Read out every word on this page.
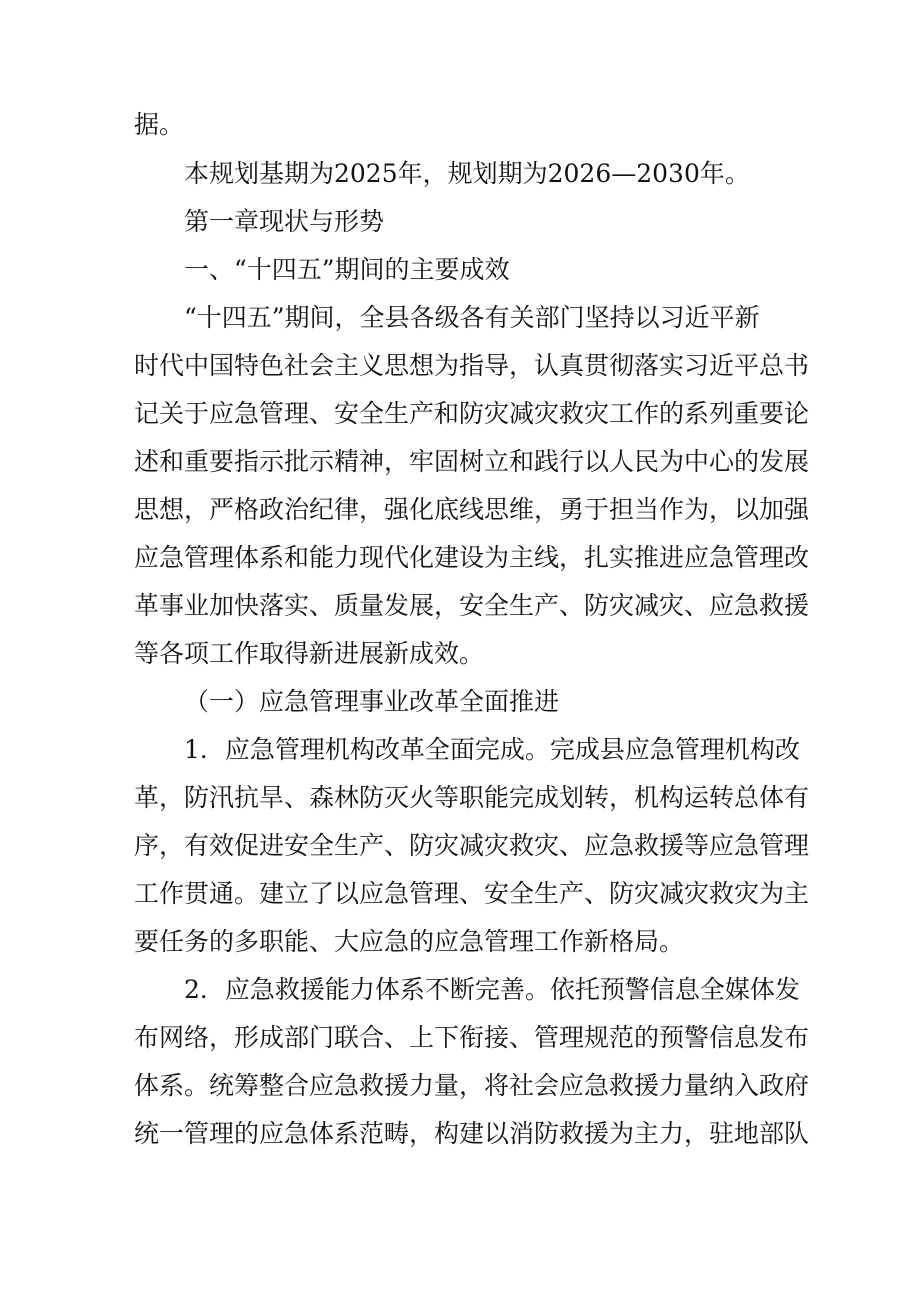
据。
本规划基期为2025年，规划期为2026—2030年。
第一章现状与形势
一、“十四五”期间的主要成效
“十四五”期间，全县各级各有关部门坚持以习近平新
时代中国特色社会主义思想为指导，认真贯彻落实习近平总书
记关于应急管理、安全生产和防灾减灾救灾工作的系列重要论
述和重要指示批示精神，牢固树立和践行以人民为中心的发展
思想，严格政治纪律，强化底线思维，勇于担当作为，以加强
应急管理体系和能力现代化建设为主线，扎实推进应急管理改
革事业加快落实、质量发展，安全生产、防灾减灾、应急救援
等各项工作取得新进展新成效。
（一）应急管理事业改革全面推进
1．应急管理机构改革全面完成。完成县应急管理机构改
革，防汛抗旱、森林防灭火等职能完成划转，机构运转总体有
序，有效促进安全生产、防灾减灾救灾、应急救援等应急管理
工作贯通。建立了以应急管理、安全生产、防灾减灾救灾为主
要任务的多职能、大应急的应急管理工作新格局。
2．应急救援能力体系不断完善。依托预警信息全媒体发
布网络，形成部门联合、上下衔接、管理规范的预警信息发布
体系。统筹整合应急救援力量，将社会应急救援力量纳入政府
统一管理的应急体系范畴，构建以消防救援为主力，驻地部队
